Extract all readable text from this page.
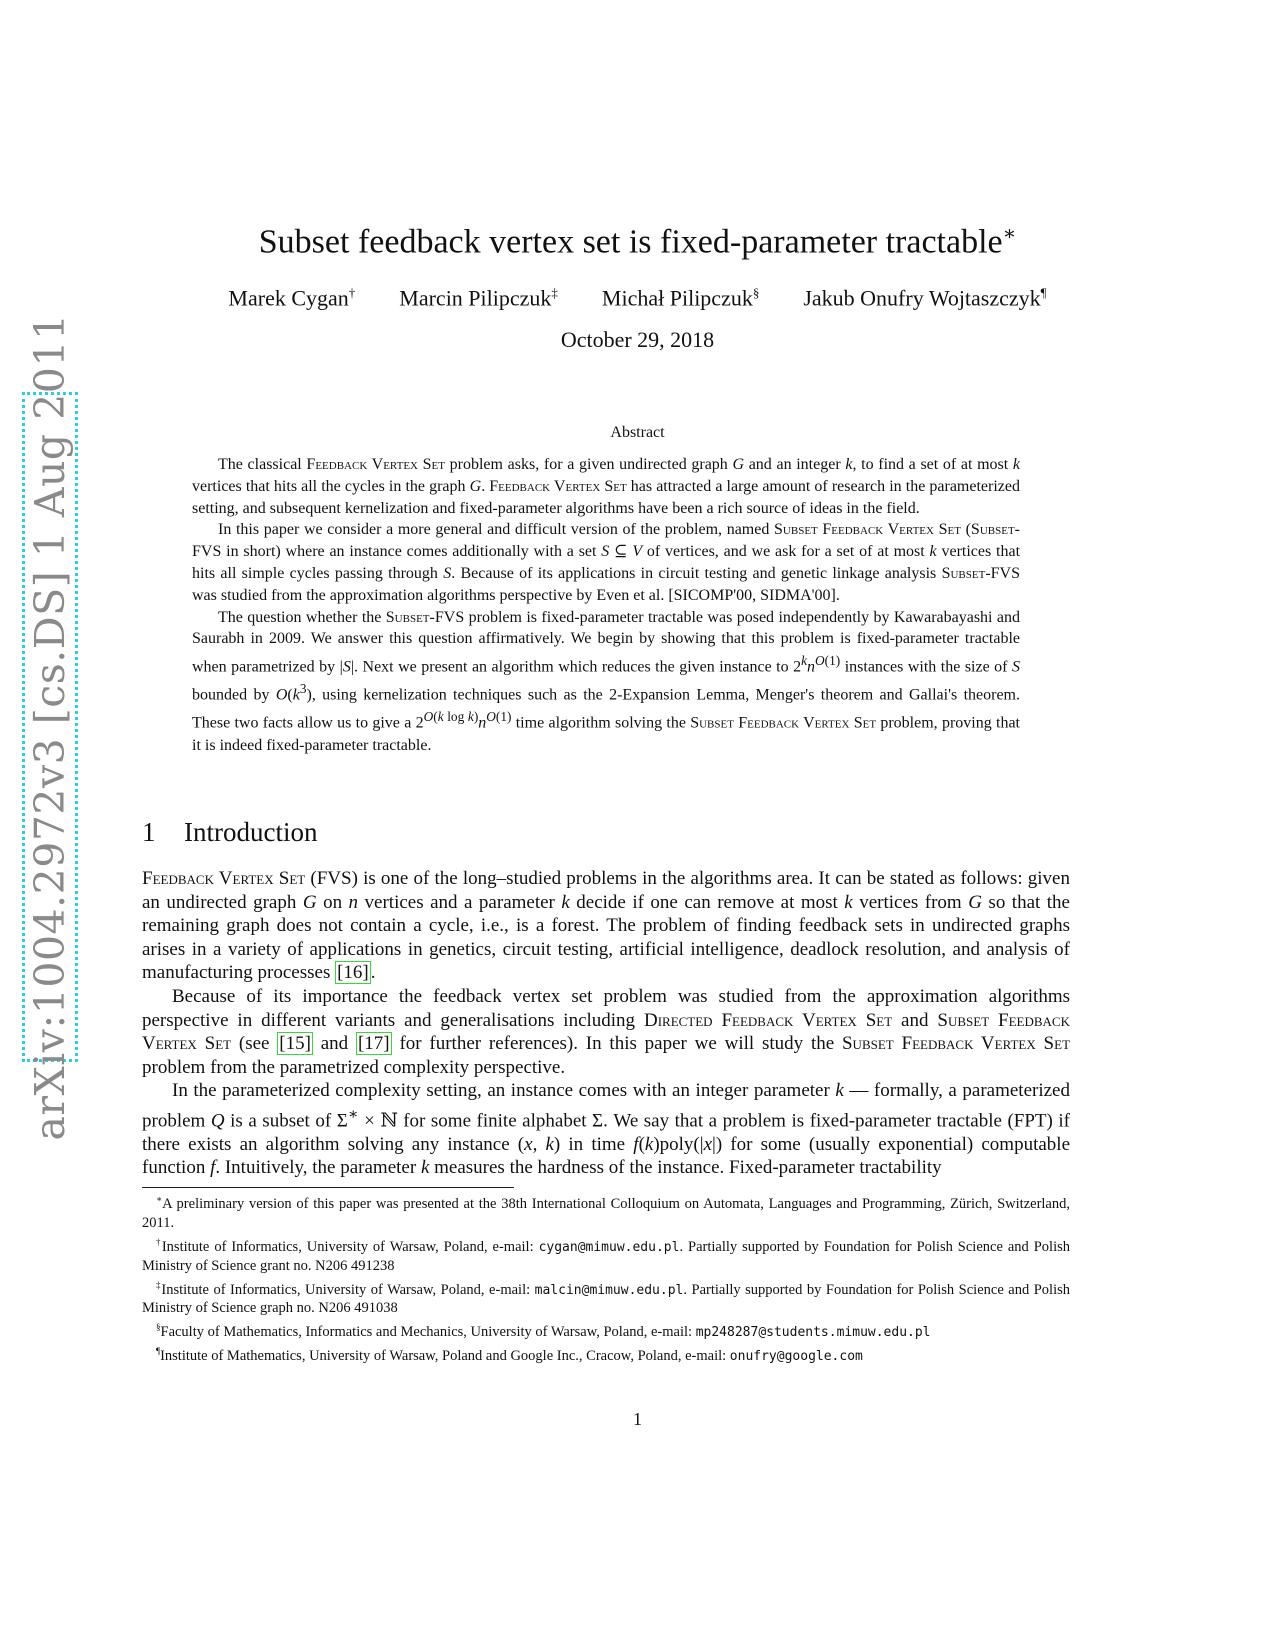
arXiv:1004.2972v3 [cs.DS] 1 Aug 2011
Subset feedback vertex set is fixed-parameter tractable∗
Marek Cygan† Marcin Pilipczuk‡ Michał Pilipczuk§ Jakub Onufry Wojtaszczyk¶
October 29, 2018
Abstract

The classical Feedback Vertex Set problem asks, for a given undirected graph G and an integer k, to find a set of at most k vertices that hits all the cycles in the graph G. Feedback Vertex Set has attracted a large amount of research in the parameterized setting, and subsequent kernelization and fixed-parameter algorithms have been a rich source of ideas in the field.

In this paper we consider a more general and difficult version of the problem, named Subset Feedback Vertex Set (Subset-FVS in short) where an instance comes additionally with a set S ⊆ V of vertices, and we ask for a set of at most k vertices that hits all simple cycles passing through S. Because of its applications in circuit testing and genetic linkage analysis Subset-FVS was studied from the approximation algorithms perspective by Even et al. [SICOMP'00, SIDMA'00].

The question whether the Subset-FVS problem is fixed-parameter tractable was posed independently by Kawarabayashi and Saurabh in 2009. We answer this question affirmatively. We begin by showing that this problem is fixed-parameter tractable when parametrized by |S|. Next we present an algorithm which reduces the given instance to $2^kn^{O(1)}$ instances with the size of S bounded by $O(k^3)$, using kernelization techniques such as the 2-Expansion Lemma, Menger's theorem and Gallai's theorem. These two facts allow us to give a $2^{O(k log k)}n^{O(1)}$ time algorithm solving the Subset Feedback Vertex Set problem, proving that it is indeed fixed-parameter tractable.

1 Introduction

Feedback Vertex Set (FVS) is one of the long–studied problems in the algorithms area. It can be stated as follows: given an undirected graph G on n vertices and a parameter k decide if one can remove at most k vertices from G so that the remaining graph does not contain a cycle, i.e., is a forest. The problem of finding feedback sets in undirected graphs arises in a variety of applications in genetics, circuit testing, artificial intelligence, deadlock resolution, and analysis of manufacturing processes [16] .

Because of its importance the feedback vertex set problem was studied from the approximation algorithms perspective in different variants and generalisations including Directed Feedback Vertex Set and Subset Feedback Vertex Set (see [15] and [17] for further references). In this paper we will study the Subset Feedback Vertex Set problem from the parametrized complexity perspective.

In the parameterized complexity setting, an instance comes with an integer parameter k — formally, a parameterized problem Q is a subset of Σ∗ × ℕ for some finite alphabet Σ. We say that a problem is fixed-parameter tractable (FPT) if there exists an algorithm solving any instance (x, k) in time f(k)poly(|x|) for some (usually exponential) computable function f. Intuitively, the parameter k measures the hardness of the instance. Fixed-parameter tractability

∗A preliminary version of this paper was presented at the 38th International Colloquium on Automata, Languages and Programming, Zürich, Switzerland, 2011.

†Institute of Informatics, University of Warsaw, Poland, e-mail: cygan@mimuw.edu.pl. Partially supported by Foundation for Polish Science and Polish Ministry of Science grant no. N206 491238

‡Institute of Informatics, University of Warsaw, Poland, e-mail: malcin@mimuw.edu.pl. Partially supported by Foundation for Polish Science and Polish Ministry of Science graph no. N206 491038

§Faculty of Mathematics, Informatics and Mechanics, University of Warsaw, Poland, e-mail: mp248287@students.mimuw.edu.pl

¶Institute of Mathematics, University of Warsaw, Poland and Google Inc., Cracow, Poland, e-mail: onufry@google.com

1
